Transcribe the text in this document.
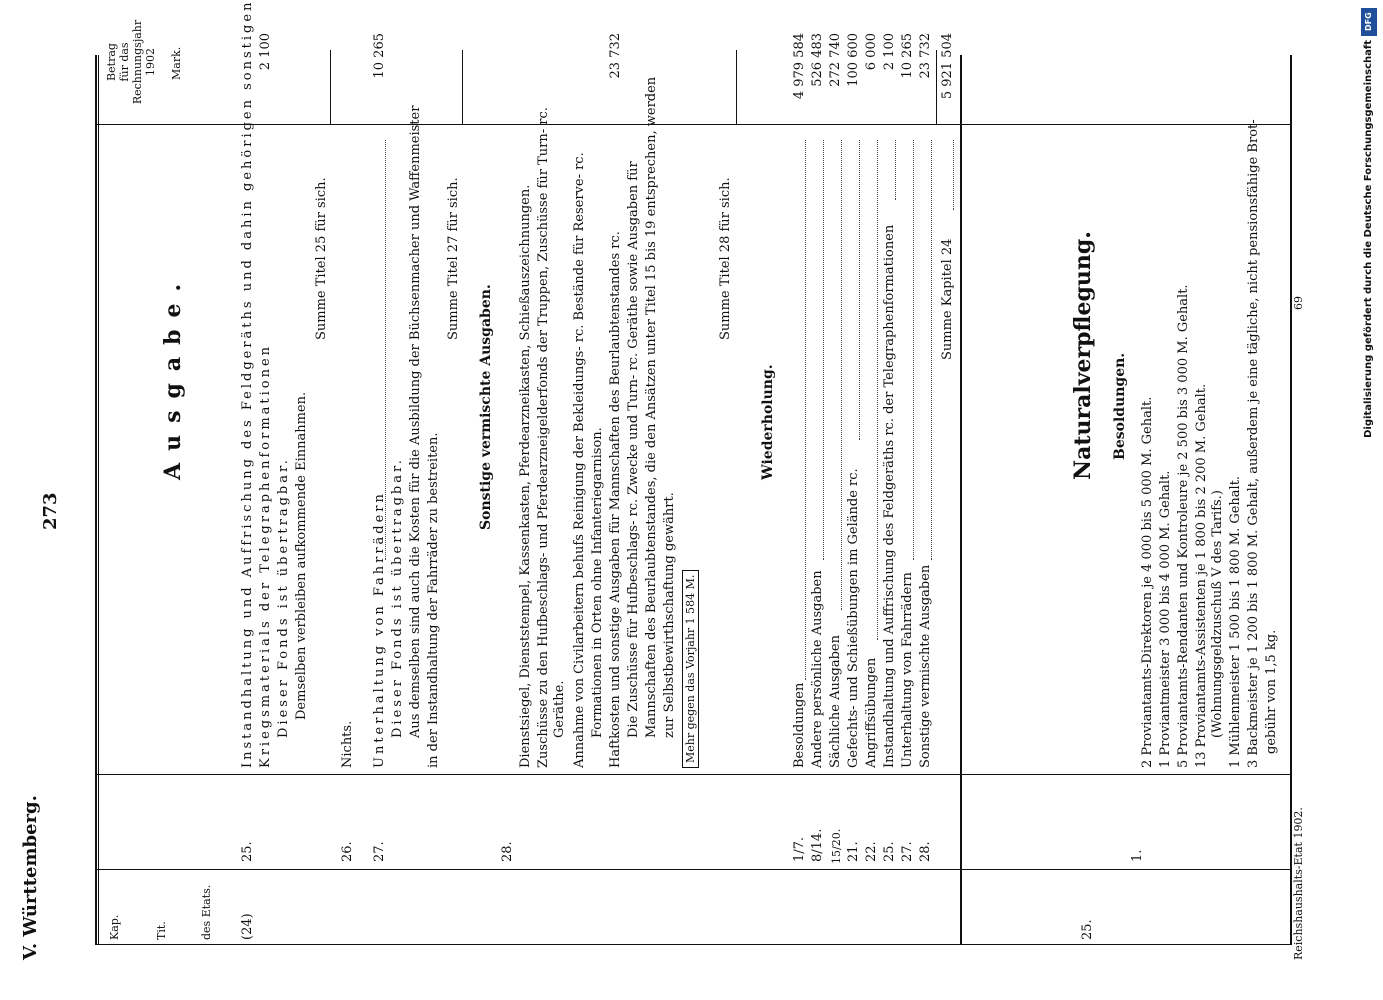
V. Württemberg.
273
Kap.	Tit.	des Etats.
Betrag
für das
Rechnungsjahr
1902 Mark.
Ausgabe.
(24)
25.
Instandhaltung und Auffrischung des Feldgeräths und dahin gehörigen sonstigen Kriegsmaterials der Telegraphenformationen Dieser Fonds ist übertragbar. Demselben verbleiben aufkommende Einnahmen.
2 100
Summe Titel 25 für sich.
26.
Nichts.
27.
Unterhaltung von Fahrrädern Dieser Fonds ist übertragbar. Aus demselben sind auch die Kosten für die Ausbildung der Büchsenmacher und Waffenmeister in der Instandhaltung der Fahrräder zu bestreiten.
10 265
Summe Titel 27 für sich.
Sonstige vermischte Ausgaben.
28.
Dienstsiegel, Dienststempel, Kassenkasten, Pferdearzneikasten, Schießauszeichnungen. Zuschüsse zu den Hufbeschlags- und Pferdearzneigelderfonds der Truppen, Zuschüsse für Turn- rc. Geräthe. Annahme von Civilarbeitern behufs Reinigung der Bekleidungs- rc. Bestände für Reserve- rc. Formationen in Orten ohne Infanteriegarnison. Haftkosten und sonstige Ausgaben für Mannschaften des Beurlaubtenstandes rc. Die Zuschüsse für Hufbeschlags- rc. Zwecke und Turn- rc. Geräthe sowie Ausgaben für Mannschaften des Beurlaubtenstandes, die den Ansätzen unter Titel 15 bis 19 entsprechen, werden zur Selbstbewirthschaftung gewährt. Mehr gegen das Vorjahr 1 584 M.
23 732
Summe Titel 28 für sich.
Wiederholung.
1/7.
Besoldungen
4 979 584
8/14.
Andere persönliche Ausgaben
526 483
15/20.
Sächliche Ausgaben
272 740
21.
Gefechts- und Schießübungen im Gelände rc.
100 600
22.
Angriffsübungen
6 000
25.
Instandhaltung und Auffrischung des Feldgeräths rc. der Telegraphenformationen
2 100
27.
Unterhaltung von Fahrrädern
10 265
28.
Sonstige vermischte Ausgaben
23 732
Summe Kapitel 24
5 921 504
Naturalverpflegung.
25.
Besoldungen.
1.
2 Proviantamts-Direktoren je 4 000 bis 5 000 M. Gehalt. 1 Proviantmeister 3 000 bis 4 000 M. Gehalt. 5 Proviantamts-Rendanten und Kontroleure je 2 500 bis 3 000 M. Gehalt. 13 Proviantamts-Assistenten je 1 800 bis 2 200 M. Gehalt. (Wohnungsgeldzuschuß V des Tarifs.) 1 Mühlenmeister 1 500 bis 1 800 M. Gehalt. 3 Backmeister je 1 200 bis 1 800 M. Gehalt, außerdem je eine tägliche, nicht pensionsfähige Brot- gebühr von 1,5 kg.
Reichshaushalts-Etat 1902.
69
DFG
Digitalisierung gefördert durch die Deutsche Forschungsgemeinschaft
